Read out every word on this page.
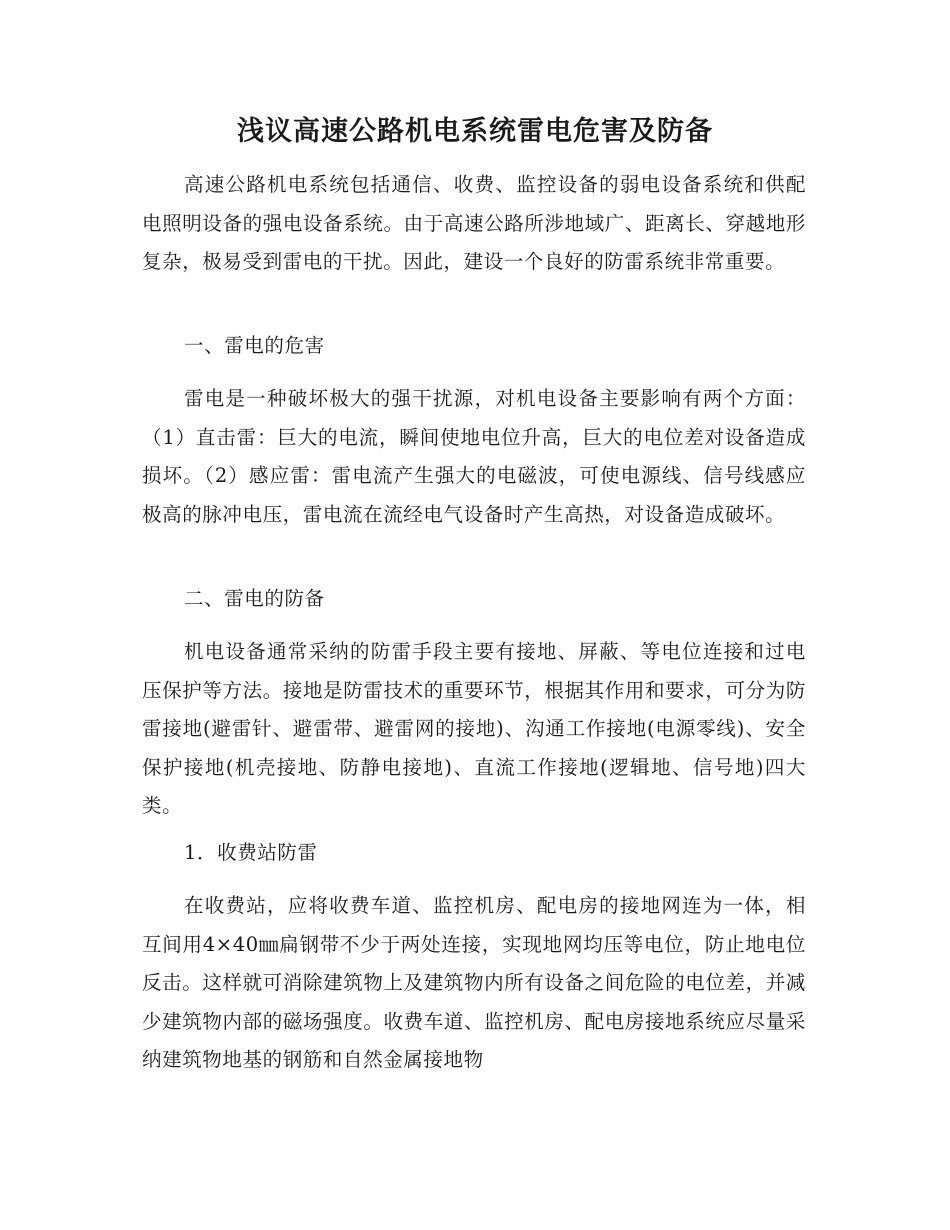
浅议高速公路机电系统雷电危害及防备

高速公路机电系统包括通信、收费、监控设备的弱电设备系统和供配电照明设备的强电设备系统。由于高速公路所涉地域广、距离长、穿越地形复杂，极易受到雷电的干扰。因此，建设一个良好的防雷系统非常重要。

一、雷电的危害

雷电是一种破坏极大的强干扰源，对机电设备主要影响有两个方面：（1）直击雷：巨大的电流，瞬间使地电位升高，巨大的电位差对设备造成损坏。（2）感应雷：雷电流产生强大的电磁波，可使电源线、信号线感应极高的脉冲电压，雷电流在流经电气设备时产生高热，对设备造成破坏。

二、雷电的防备

机电设备通常采纳的防雷手段主要有接地、屏蔽、等电位连接和过电压保护等方法。接地是防雷技术的重要环节，根据其作用和要求，可分为防雷接地(避雷针、避雷带、避雷网的接地)、沟通工作接地(电源零线)、安全保护接地(机壳接地、防静电接地)、直流工作接地(逻辑地、信号地)四大类。

1．收费站防雷

在收费站，应将收费车道、监控机房、配电房的接地网连为一体，相互间用4×40㎜扁钢带不少于两处连接，实现地网均压等电位，防止地电位反击。这样就可消除建筑物上及建筑物内所有设备之间危险的电位差，并减少建筑物内部的磁场强度。收费车道、监控机房、配电房接地系统应尽量采纳建筑物地基的钢筋和自然金属接地物
